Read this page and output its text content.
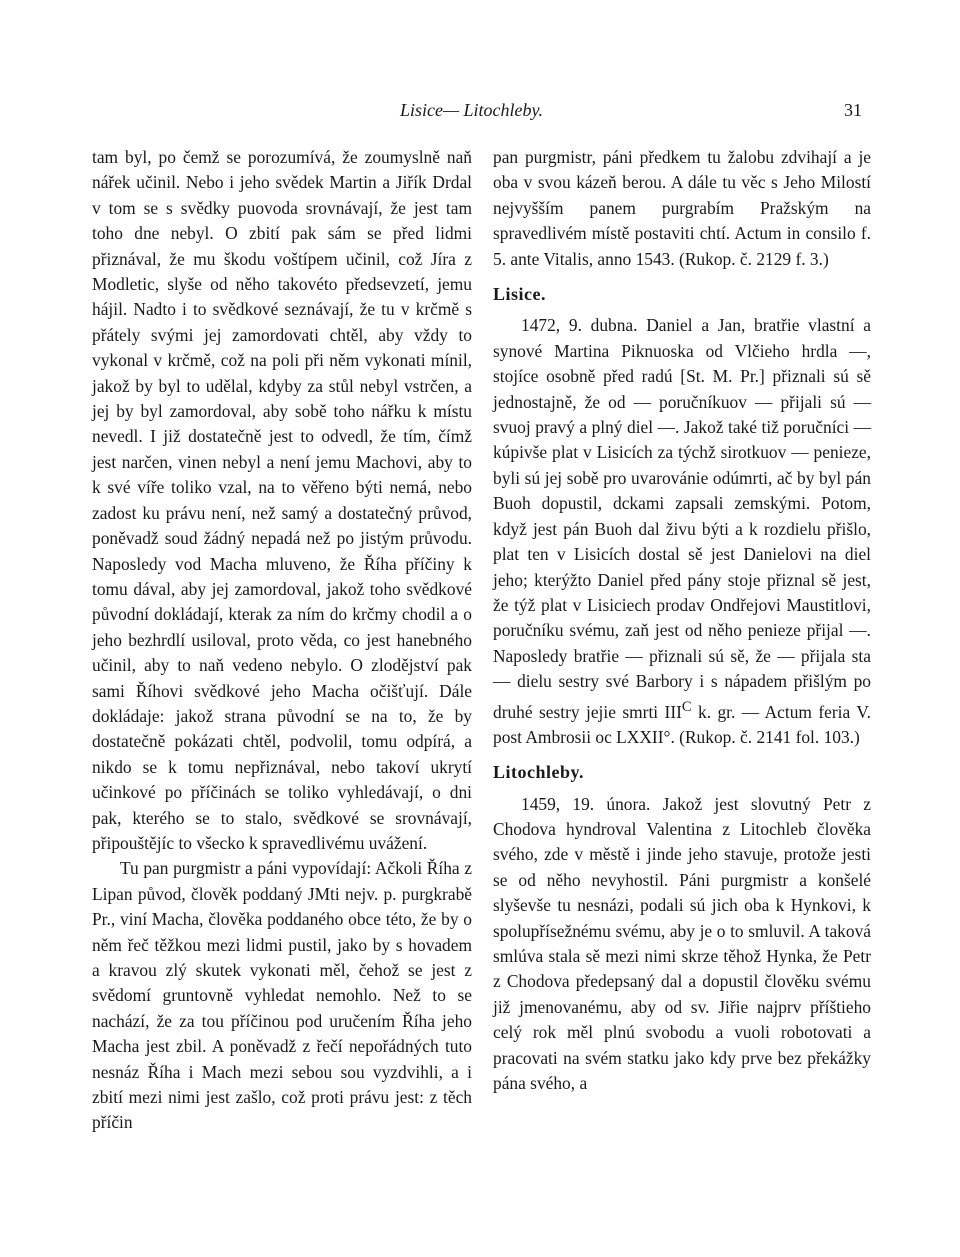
Lisice— Litochleby.	31

tam byl, po čemž se porozumívá, že zoumyslně naň nářek učinil. Nebo i jeho svědek Martin a Jiřík Drdal v tom se s svědky puovoda srovnávají, že jest tam toho dne nebyl. O zbití pak sám se před lidmi přiznával, že mu škodu voštípem učinil, což Jíra z Modletic, slyše od něho takovéto předsevzetí, jemu hájil. Nadto i to svědkové seznávají, že tu v krčmě s přátely svými jej zamordovati chtěl, aby vždy to vykonal v krčmě, což na poli při něm vykonati mínil, jakož by byl to udělal, kdyby za stůl nebyl vstrčen, a jej by byl zamordoval, aby sobě toho nářku k místu nevedl. I již dostatečně jest to odvedl, že tím, čímž jest narčen, vinen nebyl a není jemu Machovi, aby to k své víře toliko vzal, na to věřeno býti nemá, nebo zadost ku právu není, než samý a dostatečný průvod, poněvadž soud žádný nepadá než po jistým průvodu. Naposledy vod Macha mluveno, že Říha příčiny k tomu dával, aby jej zamordoval, jakož toho svědkové původní dokládají, kterak za ním do krčmy chodil a o jeho bezhrdlí usiloval, proto věda, co jest hanebného učinil, aby to naň vedeno nebylo. O zlodějství pak sami Říhovi svědkové jeho Macha očišťují. Dále dokládaje: jakož strana původní se na to, že by dostatečně pokázati chtěl, podvolil, tomu odpírá, a nikdo se k tomu nepřiznával, nebo takoví ukrytí učinkové po příčinách se toliko vyhledávají, o dni pak, kterého se to stalo, svědkové se srovnávají, připouštějíc to všecko k spravedlivému uvážení.

Tu pan purgmistr a páni vypovídají: Ačkoli Říha z Lipan původ, člověk poddaný JMti nejv. p. purgkrabě Pr., viní Macha, člověka poddaného obce této, že by o něm řeč těžkou mezi lidmi pustil, jako by s hovadem a kravou zlý skutek vykonati měl, čehož se jest z svědomí gruntovně vyhledat nemohlo. Než to se nachází, že za tou příčinou pod uručením Říha jeho Macha jest zbil. A poněvadž z řečí nepořádných tuto nesnáz Říha i Mach mezi sebou sou vyzdvihli, a i zbití mezi nimi jest zašlo, což proti právu jest: z těch příčin

pan purgmistr, páni předkem tu žalobu zdvihají a je oba v svou kázeň berou. A dále tu věc s Jeho Milostí nejvyšším panem purgrabím Pražským na spravedlivém místě postaviti chtí. Actum in consilo f. 5. ante Vitalis, anno 1543. (Rukop. č. 2129 f. 3.)

Lisice.

1472, 9. dubna. Daniel a Jan, bratřie vlastní a synové Martina Piknuoska od Vlčieho hrdla —, stojíce osobně před radú [St. M. Pr.] přiznali sú sě jednostajně, že od — poručníkuov — přijali sú — svuoj pravý a plný diel —. Jakož také tiž poručníci — kúpivše plat v Lisicích za týchž sirotkuov — penieze, byli sú jej sobě pro uvarovánie odúmrti, ač by byl pán Buoh dopustil, dckami zapsali zemskými. Potom, když jest pán Buoh dal živu býti a k rozdielu přišlo, plat ten v Lisicích dostal sě jest Danielovi na diel jeho; kterýžto Daniel před pány stoje přiznal sě jest, že týž plat v Lisiciech prodav Ondřejovi Maustitlovi, poručníku svému, zaň jest od něho penieze přijal —. Naposledy bratřie — přiznali sú sě, že — přijala sta — dielu sestry své Barbory i s nápadem přišlým po druhé sestry jejie smrti $III^C$ k. gr. — Actum feria V. post Ambrosii oc LXXII°. (Rukop. č. 2141 fol. 103.)

Litochleby.

1459, 19. února. Jakož jest slovutný Petr z Chodova hyndroval Valentina z Litochleb člověka svého, zde v městě i jinde jeho stavuje, protože jesti se od něho nevyhostil. Páni purgmistr a konšelé slyševše tu nesnázi, podali sú jich oba k Hynkovi, k spolupřísežnému svému, aby je o to smluvil. A taková smlúva stala sě mezi nimi skrze těhož Hynka, že Petr z Chodova předepsaný dal a dopustil člověku svému již jmenovanému, aby od sv. Jiřie najprv příštieho celý rok měl plnú svobodu a vuoli robotovati a pracovati na svém statku jako kdy prve bez překážky pána svého, a
